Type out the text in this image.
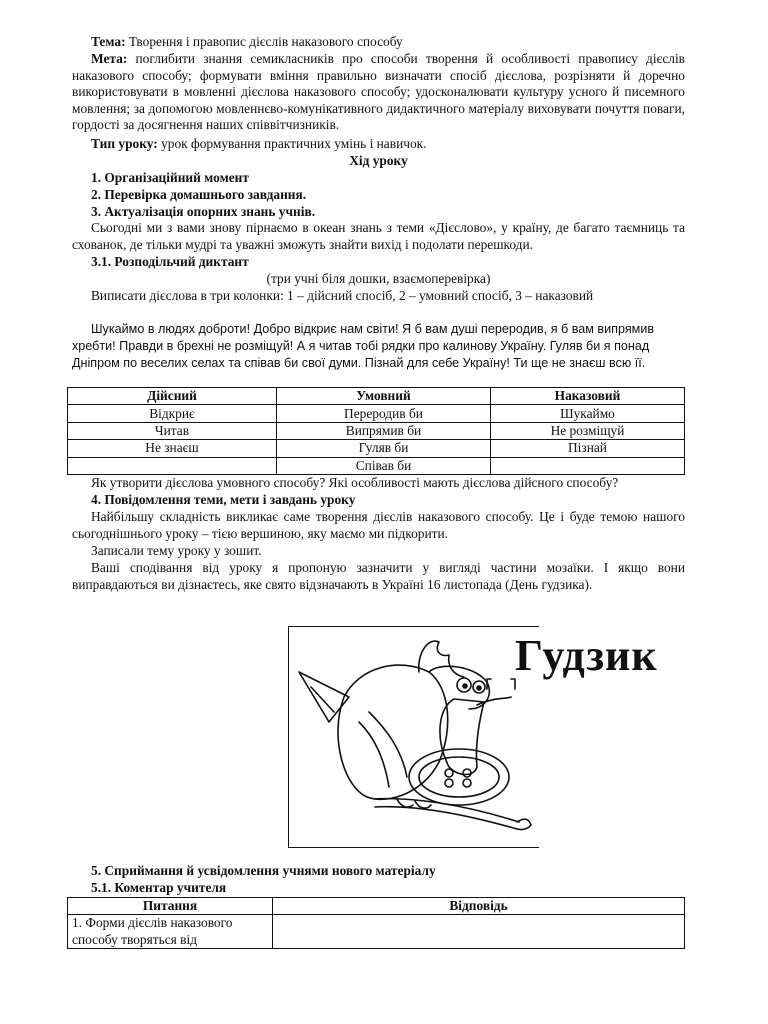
Тема: Творення і правопис дієслів наказового способу
Мета: поглибити знання семикласників про способи творення й особливості правопису дієслів наказового способу; формувати вміння правильно визначати спосіб дієслова, розрізняти й доречно використовувати в мовленні дієслова наказового способу; удосконалювати культуру усного й писемного мовлення; за допомогою мовленнєво-комунікативного дидактичного матеріалу виховувати почуття поваги, гордості за досягнення наших співвітчизників.
Тип уроку: урок формування практичних умінь і навичок.
Хід уроку
1. Організаційний момент
2. Перевірка домашнього завдання.
3. Актуалізація опорних знань учнів.
Сьогодні ми з вами знову пірнаємо в океан знань з теми «Дієслово», у країну, де багато таємниць та схованок, де тільки мудрі та уважні зможуть знайти вихід і подолати перешкоди.
3.1. Розподільчий диктант
(три учні біля дошки, взаємоперевірка)
Виписати дієслова в три колонки: 1 – дійсний спосіб, 2 – умовний спосіб, 3 – наказовий
Шукаймо в людях доброти! Добро відкриє нам світи! Я б вам душі переродив, я б вам випрямив хребти! Правди в брехні не розміщуй! А я читав тобі рядки про калинову Україну. Гуляв би я понад Дніпром по веселих селах та співав би свої думи. Пізнай для себе Україну! Ти ще не знаєш всю її.
Дійсний	Умовний	Наказовий
Відкриє	Переродив би	Шукаймо
Читав	Випрямив би	Не розміщуй
Не знаєш	Гуляв би	Пізнай
	Співав би	
Як утворити дієслова умовного способу? Які особливості мають дієслова дійсного способу?
4. Повідомлення теми, мети і завдань уроку
Найбільшу складність викликає саме творення дієслів наказового способу. Це і буде темою нашого сьогоднішнього уроку – тією вершиною, яку маємо ми підкорити.
Записали тему уроку у зошит.
Ваші сподівання від уроку я пропоную зазначити у вигляді частини мозаїки. І якщо вони виправдаються ви дізнаєтесь, яке свято відзначають в Україні 16 листопада (День гудзика).
Гудзик
5. Сприймання й усвідомлення учнями нового матеріалу
5.1. Коментар учителя
Питання	Відповідь
1. Форми дієслів наказового способу творяться від	
